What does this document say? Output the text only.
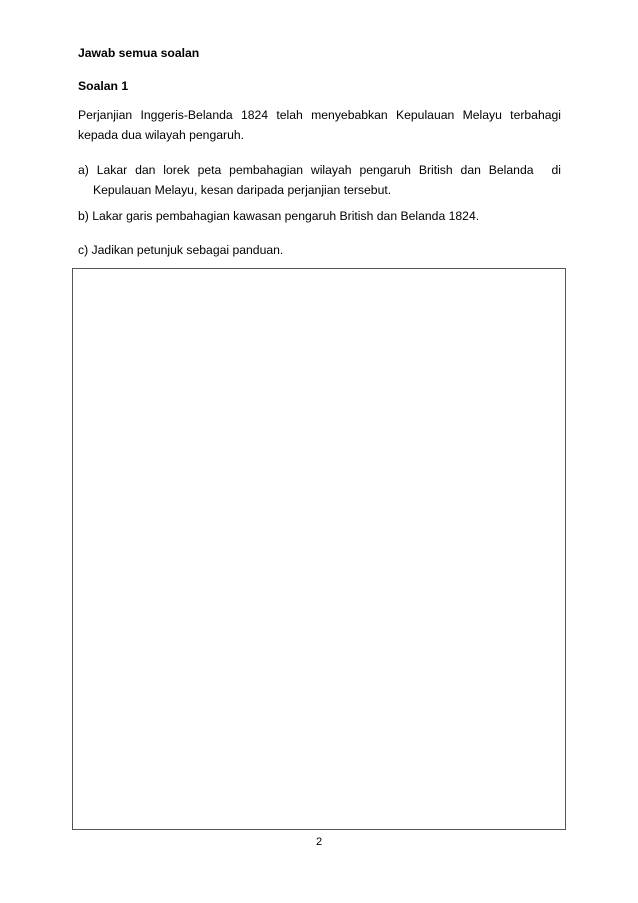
Jawab semua soalan
Soalan 1
Perjanjian Inggeris-Belanda 1824 telah menyebabkan Kepulauan Melayu terbahagi kepada dua wilayah pengaruh.
a) Lakar dan lorek peta pembahagian wilayah pengaruh British dan Belanda	di
Kepulauan Melayu, kesan daripada perjanjian tersebut.
b) Lakar garis pembahagian kawasan pengaruh British dan Belanda 1824.
c) Jadikan petunjuk sebagai panduan.
2
